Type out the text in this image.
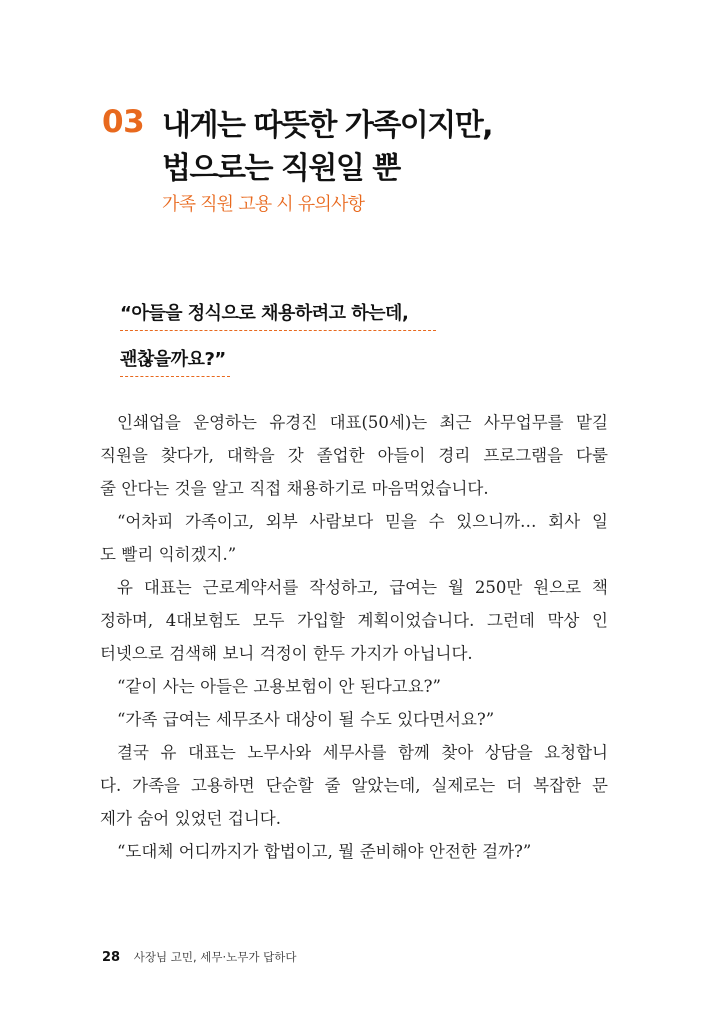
03 내게는 따뜻한 가족이지만,
법으로는 직원일 뿐
가족 직원 고용 시 유의사항
“아들을 정식으로 채용하려고 하는데,
괜찮을까요?”
인쇄업을 운영하는 유경진 대표(50세)는 최근 사무업무를 맡길
직원을 찾다가, 대학을 갓 졸업한 아들이 경리 프로그램을 다룰
줄 안다는 것을 알고 직접 채용하기로 마음먹었습니다.
“어차피 가족이고, 외부 사람보다 믿을 수 있으니까… 회사 일
도 빨리 익히겠지.”
유 대표는 근로계약서를 작성하고, 급여는 월 250만 원으로 책
정하며, 4대보험도 모두 가입할 계획이었습니다. 그런데 막상 인
터넷으로 검색해 보니 걱정이 한두 가지가 아닙니다.
“같이 사는 아들은 고용보험이 안 된다고요?”
“가족 급여는 세무조사 대상이 될 수도 있다면서요?”
결국 유 대표는 노무사와 세무사를 함께 찾아 상담을 요청합니
다. 가족을 고용하면 단순할 줄 알았는데, 실제로는 더 복잡한 문
제가 숨어 있었던 겁니다.
“도대체 어디까지가 합법이고, 뭘 준비해야 안전한 걸까?”
28 사장님 고민, 세무·노무가 답하다
